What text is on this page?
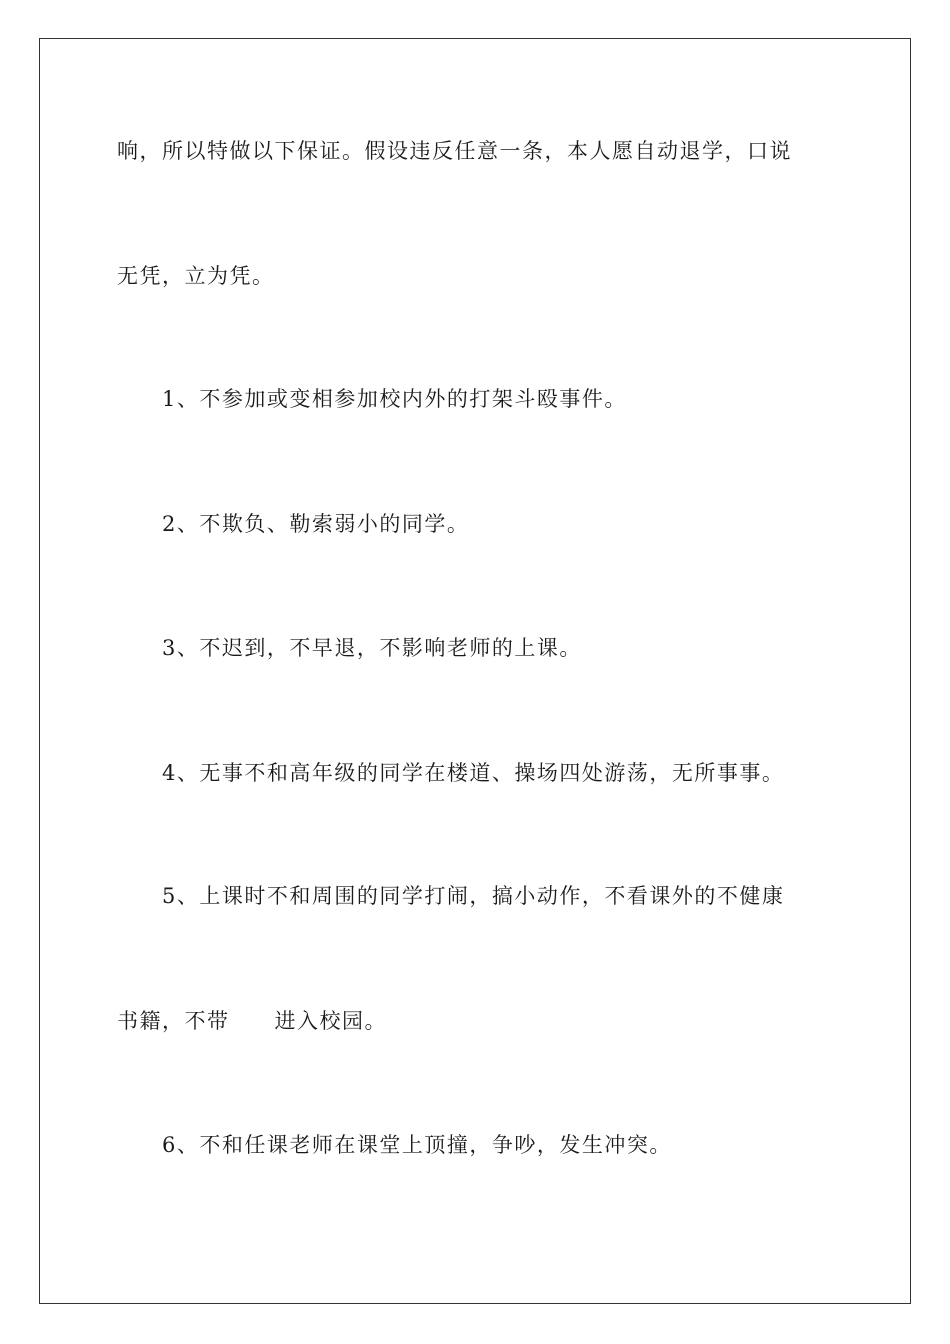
响，所以特做以下保证。假设违反任意一条，本人愿自动退学，口说
无凭，立为凭。
1、不参加或变相参加校内外的打架斗殴事件。
2、不欺负、勒索弱小的同学。
3、不迟到，不早退，不影响老师的上课。
4、无事不和高年级的同学在楼道、操场四处游荡，无所事事。
5、上课时不和周围的同学打闹，搞小动作，不看课外的不健康
书籍，不带　　进入校园。
6、不和任课老师在课堂上顶撞，争吵，发生冲突。
